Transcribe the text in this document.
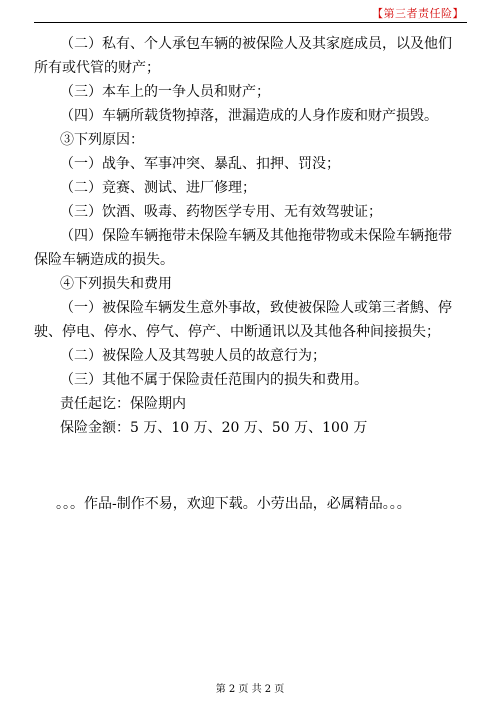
【第三者责任险】

（二）私有、个人承包车辆的被保险人及其家庭成员，以及他们所有或代管的财产；

（三）本车上的一争人员和财产；

（四）车辆所载货物掉落，泄漏造成的人身作废和财产损毁。

③下列原因：

（一）战争、军事冲突、暴乱、扣押、罚没；

（二）竞赛、测试、进厂修理；

（三）饮酒、吸毒、药物医学专用、无有效驾驶证；

（四）保险车辆拖带未保险车辆及其他拖带物或未保险车辆拖带保险车辆造成的损失。

④下列损失和费用

（一）被保险车辆发生意外事故，致使被保险人或第三者鹪、停驶、停电、停水、停气、停产、中断通讯以及其他各种间接损失；

（二）被保险人及其驾驶人员的故意行为；

（三）其他不属于保险责任范围内的损失和费用。

责任起讫：保险期内

保险金额：5 万、10 万、20 万、50 万、100 万

。。。作品-制作不易，欢迎下载。小劳出品，必属精品。。。

第 2 页 共 2 页
